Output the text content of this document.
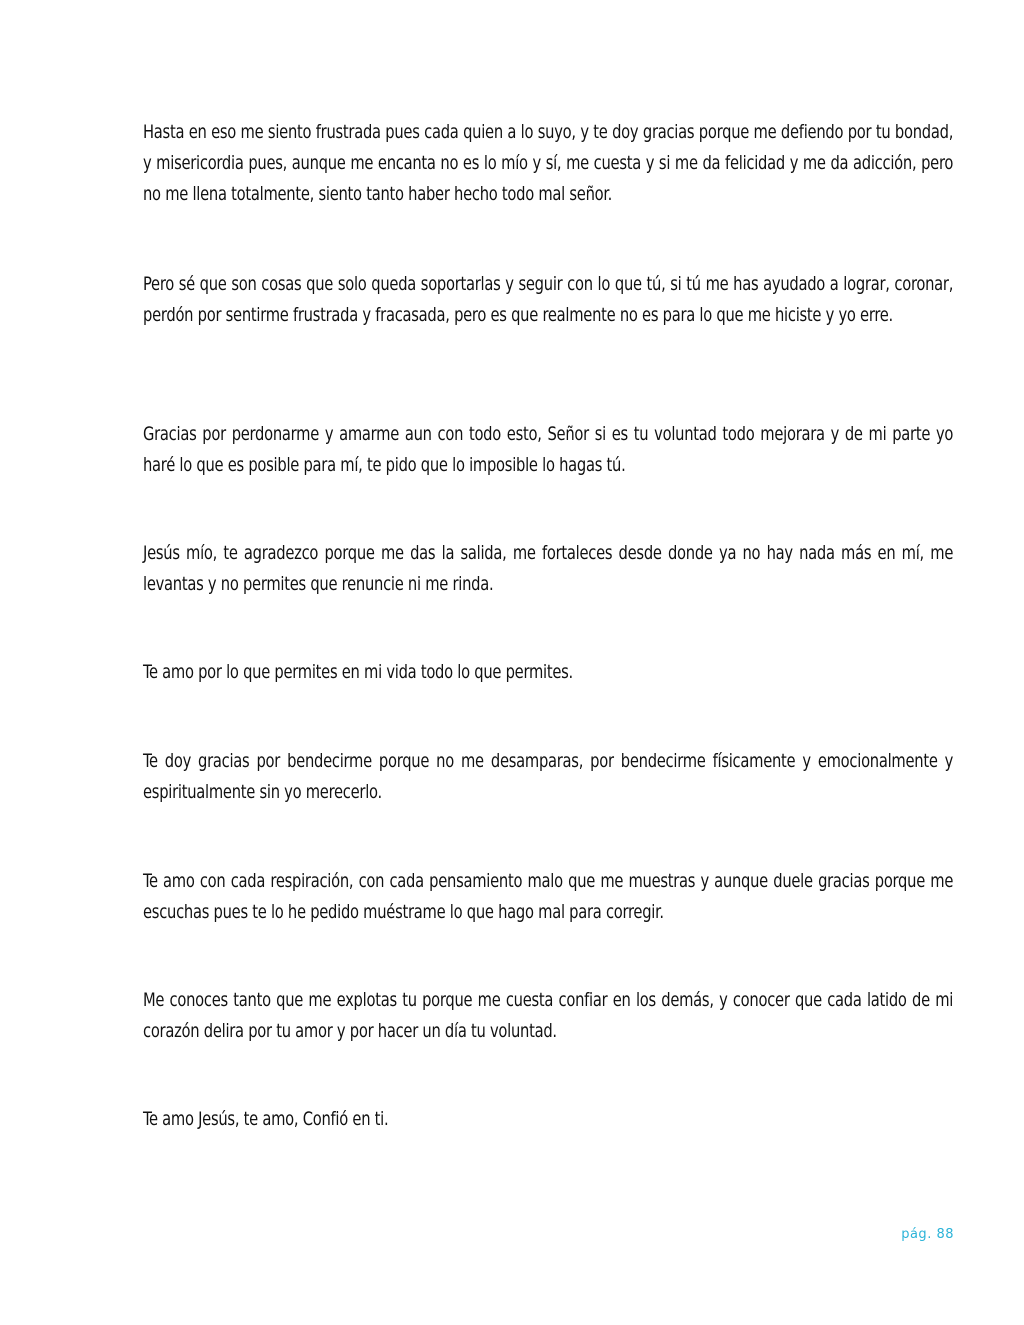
Hasta en eso me siento frustrada pues cada quien a lo suyo, y te doy gracias porque me defiendo por tu bondad, y misericordia pues, aunque me encanta no es lo mío y sí, me cuesta y si me da felicidad y me da adicción, pero no me llena totalmente, siento tanto haber hecho todo mal señor.

Pero sé que son cosas que solo queda soportarlas y seguir con lo que tú, si tú me has ayudado a lograr, coronar, perdón por sentirme frustrada y fracasada, pero es que realmente no es para lo que me hiciste y yo erre.

Gracias por perdonarme y amarme aun con todo esto, Señor si es tu voluntad todo mejorara y de mi parte yo haré lo que es posible para mí, te pido que lo imposible lo hagas tú.

Jesús mío, te agradezco porque me das la salida, me fortaleces desde donde ya no hay nada más en mí, me levantas y no permites que renuncie ni me rinda.

Te amo por lo que permites en mi vida todo lo que permites.

Te doy gracias por bendecirme porque no me desamparas, por bendecirme físicamente y emocionalmente y espiritualmente sin yo merecerlo.

Te amo con cada respiración, con cada pensamiento malo que me muestras y aunque duele gracias porque me escuchas pues te lo he pedido muéstrame lo que hago mal para corregir.

Me conoces tanto que me explotas tu porque me cuesta confiar en los demás, y conocer que cada latido de mi corazón delira por tu amor y por hacer un día tu voluntad.

Te amo Jesús, te amo, Confió en ti.

pág. 88
